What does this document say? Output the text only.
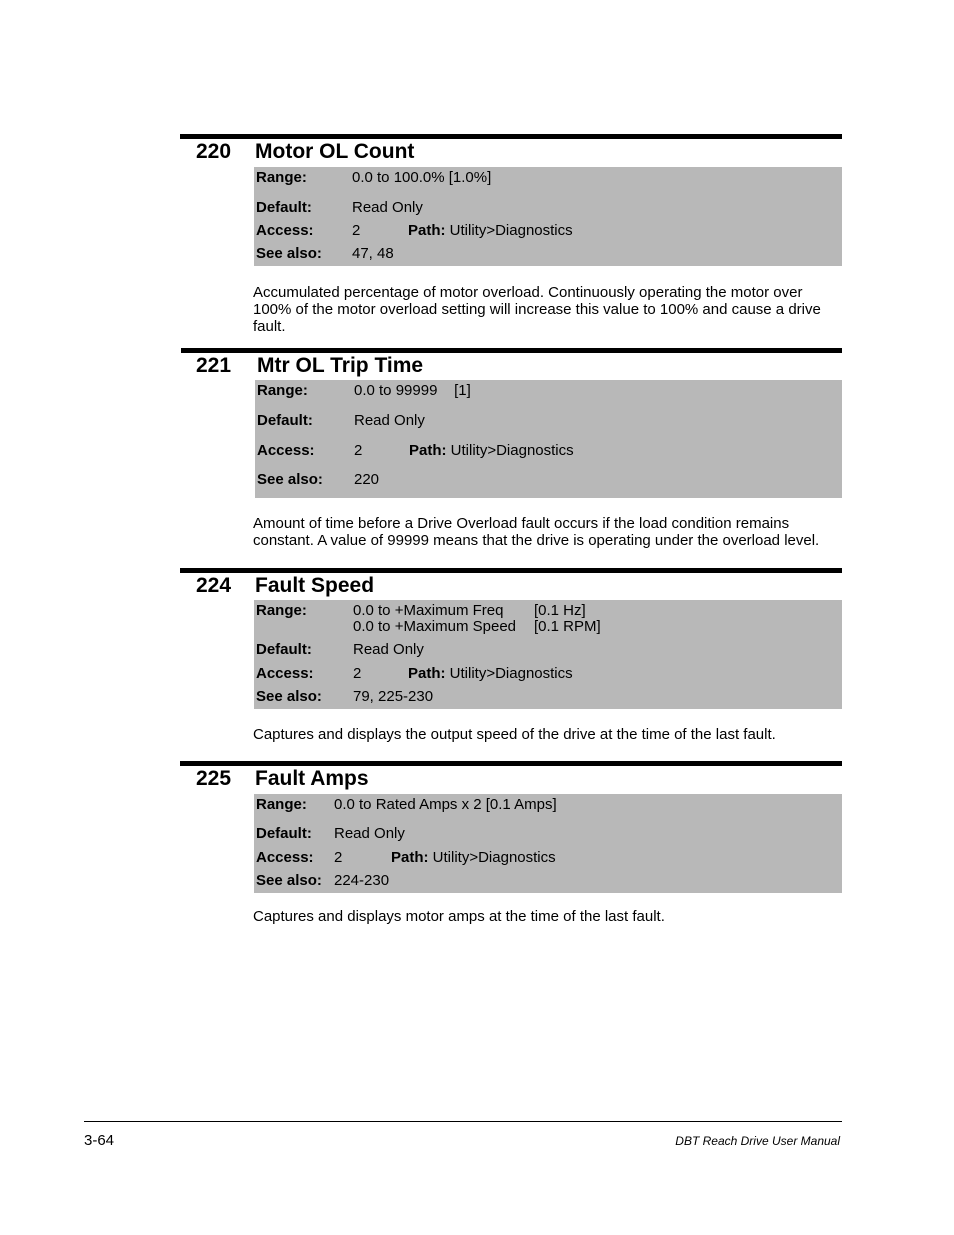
220 Motor OL Count
Range:	0.0 to 100.0% [1.0%]
Default:	Read Only
Access:	2	Path: Utility>Diagnostics
See also: 47, 48
Accumulated percentage of motor overload. Continuously operating the motor over 100% of the motor overload setting will increase this value to 100% and cause a drive fault.
221 Mtr OL Trip Time
Range:	0.0 to 99999    [1]
Default:	Read Only
Access:	2	Path: Utility>Diagnostics
See also: 220
Amount of time before a Drive Overload fault occurs if the load condition remains constant. A value of 99999 means that the drive is operating under the overload level.
224 Fault Speed
Range:	0.0 to +Maximum Freq [0.1 Hz]
0.0 to +Maximum Speed [0.1 RPM]
Default:	Read Only
Access:	2	Path: Utility>Diagnostics
See also: 79, 225-230
Captures and displays the output speed of the drive at the time of the last fault.
225 Fault Amps
Range: 0.0 to Rated Amps x 2 [0.1 Amps]
Default: Read Only
Access: 2	Path: Utility>Diagnostics
See also: 224-230
Captures and displays motor amps at the time of the last fault.
3-64	DBT Reach Drive User Manual
